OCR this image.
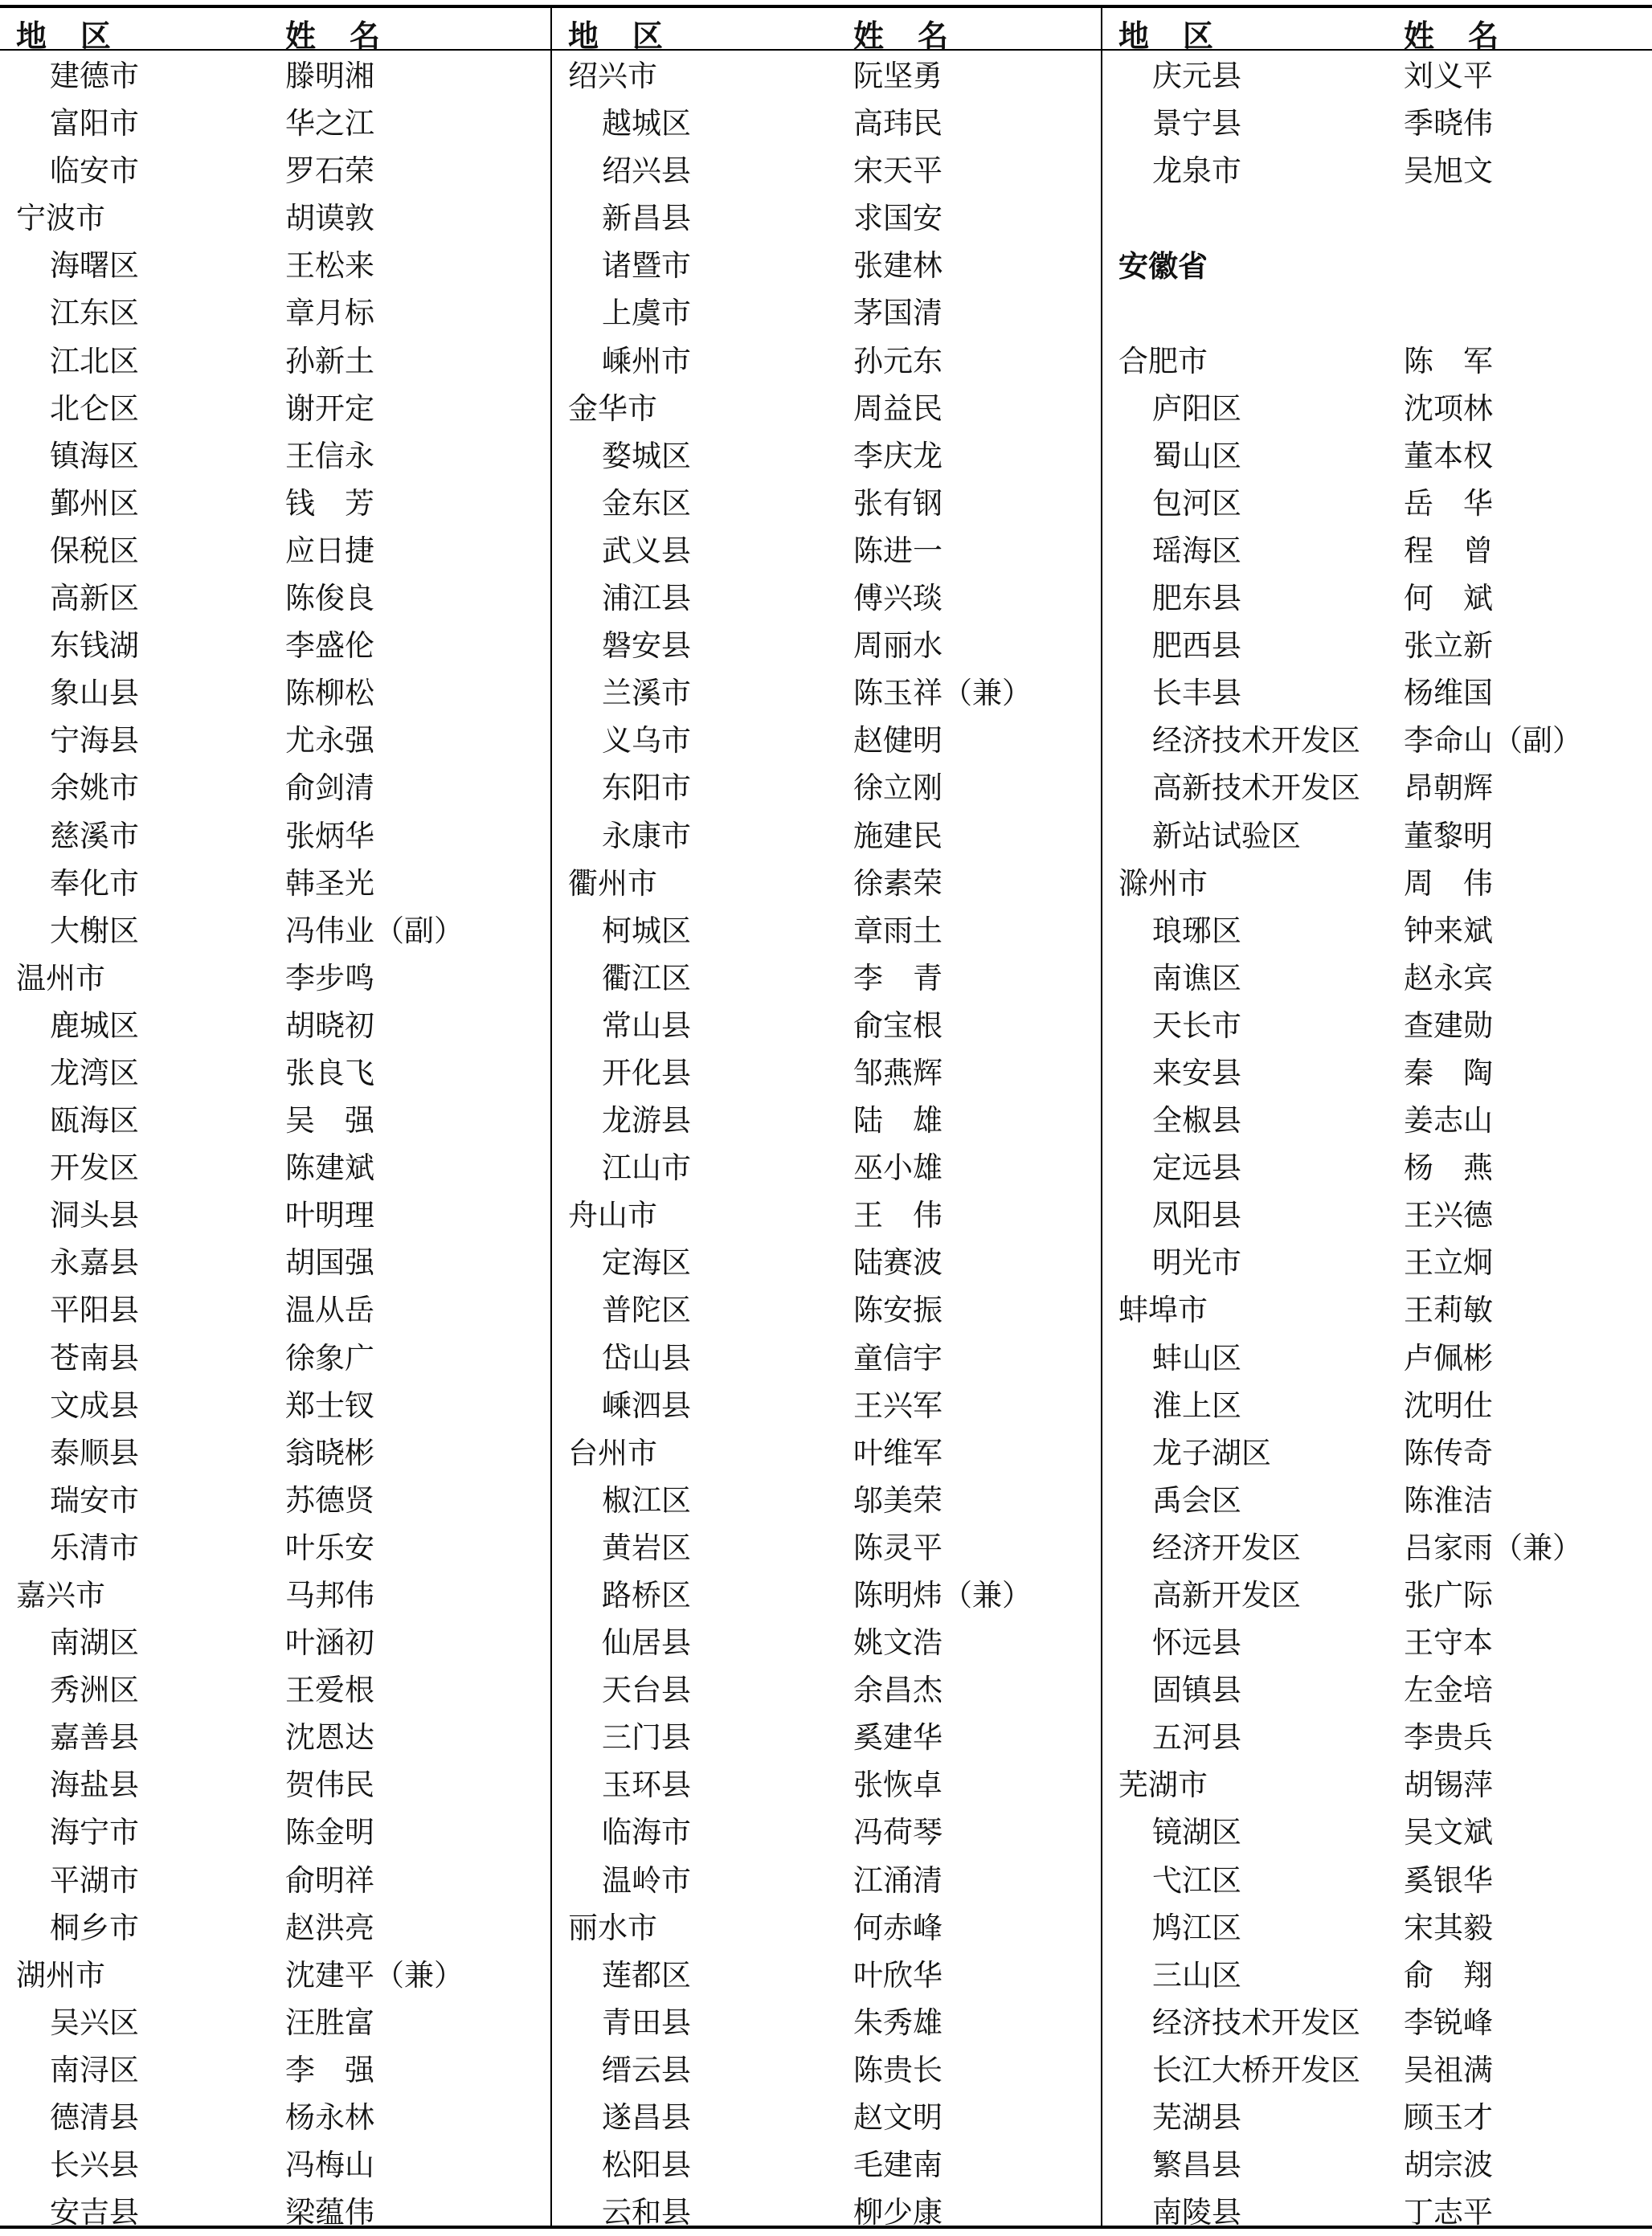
地　区	姓　名
建德市	滕明湘
富阳市	华之江
临安市	罗石荣
宁波市	胡谟敦
海曙区	王松来
江东区	章月标
江北区	孙新土
北仑区	谢开定
镇海区	王信永
鄞州区	钱　芳
保税区	应日捷
高新区	陈俊良
东钱湖	李盛伦
象山县	陈柳松
宁海县	尤永强
余姚市	俞剑清
慈溪市	张炳华
奉化市	韩圣光
大榭区	冯伟业（副）
温州市	李步鸣
鹿城区	胡晓初
龙湾区	张良飞
瓯海区	吴　强
开发区	陈建斌
洞头县	叶明理
永嘉县	胡国强
平阳县	温从岳
苍南县	徐象广
文成县	郑士钗
泰顺县	翁晓彬
瑞安市	苏德贤
乐清市	叶乐安
嘉兴市	马邦伟
南湖区	叶涵初
秀洲区	王爱根
嘉善县	沈恩达
海盐县	贺伟民
海宁市	陈金明
平湖市	俞明祥
桐乡市	赵洪亮
湖州市	沈建平（兼）
吴兴区	汪胜富
南浔区	李　强
德清县	杨永林
长兴县	冯梅山
安吉县	梁蕴伟
地　区	姓　名
绍兴市	阮坚勇
越城区	高玮民
绍兴县	宋天平
新昌县	求国安
诸暨市	张建林
上虞市	茅国清
嵊州市	孙元东
金华市	周益民
婺城区	李庆龙
金东区	张有钢
武义县	陈进一
浦江县	傅兴琰
磐安县	周丽水
兰溪市	陈玉祥（兼）
义乌市	赵健明
东阳市	徐立刚
永康市	施建民
衢州市	徐素荣
柯城区	章雨土
衢江区	李　青
常山县	俞宝根
开化县	邹燕辉
龙游县	陆　雄
江山市	巫小雄
舟山市	王　伟
定海区	陆赛波
普陀区	陈安振
岱山县	童信宇
嵊泗县	王兴军
台州市	叶维军
椒江区	邬美荣
黄岩区	陈灵平
路桥区	陈明炜（兼）
仙居县	姚文浩
天台县	余昌杰
三门县	奚建华
玉环县	张恢卓
临海市	冯荷琴
温岭市	江涌清
丽水市	何赤峰
莲都区	叶欣华
青田县	朱秀雄
缙云县	陈贵长
遂昌县	赵文明
松阳县	毛建南
云和县	柳少康
地　区	姓　名
庆元县	刘义平
景宁县	季晓伟
龙泉市	吴旭文
安徽省
合肥市	陈　军
庐阳区	沈项林
蜀山区	董本权
包河区	岳　华
瑶海区	程　曾
肥东县	何　斌
肥西县	张立新
长丰县	杨维国
经济技术开发区 李命山（副）
高新技术开发区 昂朝辉
新站试验区	董黎明
滁州市	周　伟
琅琊区	钟来斌
南谯区	赵永宾
天长市	查建勋
来安县	秦　陶
全椒县	姜志山
定远县	杨　燕
凤阳县	王兴德
明光市	王立炯
蚌埠市	王莉敏
蚌山区	卢佩彬
淮上区	沈明仕
龙子湖区	陈传奇
禹会区	陈淮洁
经济开发区	吕家雨（兼）
高新开发区	张广际
怀远县	王守本
固镇县	左金培
五河县	李贵兵
芜湖市	胡锡萍
镜湖区	吴文斌
弋江区	奚银华
鸠江区	宋其毅
三山区	俞　翔
经济技术开发区 李锐峰
长江大桥开发区 吴祖满
芜湖县	顾玉才
繁昌县	胡宗波
南陵县	丁志平
